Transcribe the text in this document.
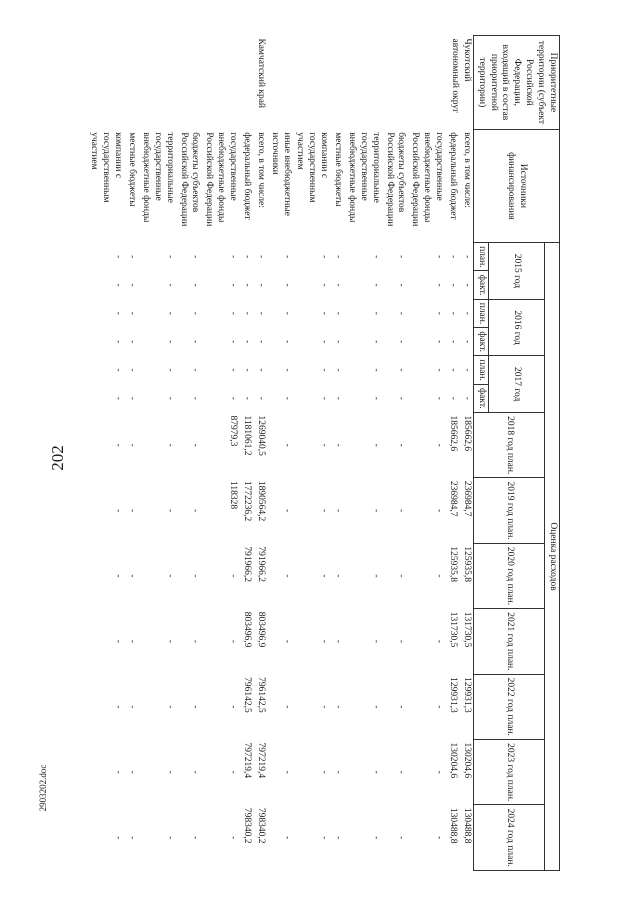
202
2903202.doc
Приоритетные территории (субъект Российской Федерации, входящий в состав приоритетной территории)	Источники финансирования	Оценка расходов												
		2015 год		2016 год		2017 год		2018 год план.	2019 год план.	2020 год план.	2021 год план.	2022 год план.	2023 год план.	2024 год план.
		план.	факт.	план.	факт.	план.	факт.							
Чукотский автономный округ	всего, в том числе:	-	-	-	-	-	-	185662,6	236984,7	125935,8	131730,5	129931,3	130204,6	130488,8
	федеральный бюджет	-	-	-	-	-	-	185662,6	236984,7	125935,8	131730,5	129931,3	130204,6	130488,8
	государственные внебюджетные фонды Российской Федерации	-	-	-	-	-	-	-	-	-	-	-	-	-
	бюджеты субъектов Российской Федерации	-	-	-	-	-	-	-	-	-	-	-	-	-
	территориальные государственные внебюджетные фонды	-	-	-	-	-	-	-	-	-	-	-	-	-
	местные бюджеты	-	-	-	-	-	-	-	-	-	-	-	-	-
	компании с государственным участием	-	-	-	-	-	-	-	-	-	-	-	-	-
	иные внебюджетные источники	-	-	-	-	-	-	-	-	-	-	-	-	-
Камчатский край	всего, в том числе:	-	-	-	-	-	-	1269040,5	1890564,2	791966,2	803496,9	796142,5	797219,4	798340,2
	федеральный бюджет	-	-	-	-	-	-	1181061,2	1772236,2	791966,2	803496,9	796142,5	797219,4	798340,2
	государственные внебюджетные фонды Российской Федерации	-	-	-	-	-	-	87979,3	118328	-	-	-	-	-
	бюджеты субъектов Российской Федерации	-	-	-	-	-	-	-	-	-	-	-	-	-
	территориальные государственные внебюджетные фонды	-	-	-	-	-	-	-	-	-	-	-	-	-
	местные бюджеты	-	-	-	-	-	-	-	-	-	-	-	-	-
	компании с государственным участием	-	-	-	-	-	-	-	-	-	-	-	-	-
